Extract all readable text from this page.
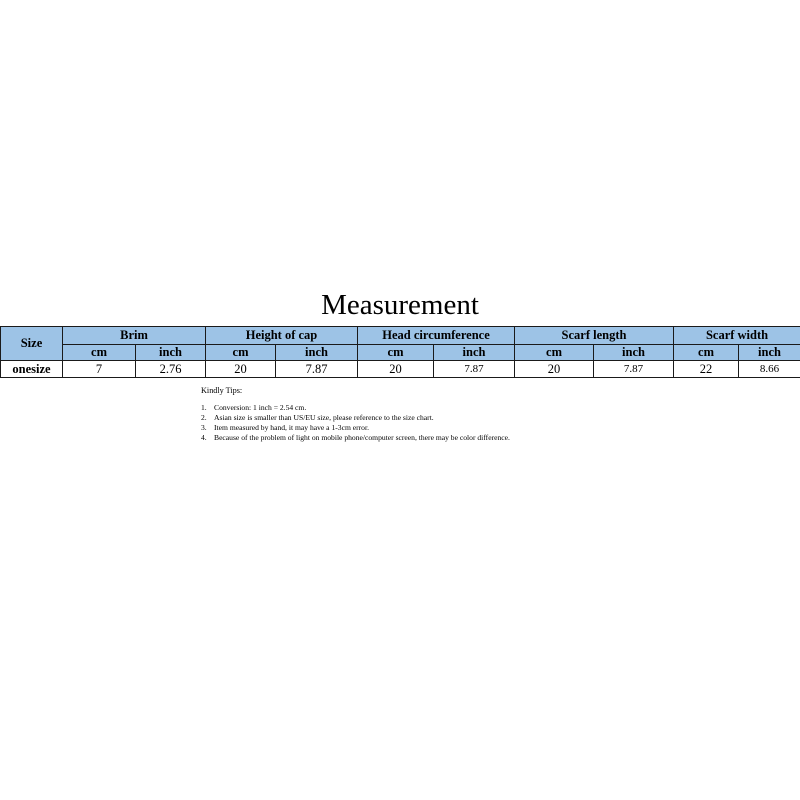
Measurement
Size	Brim		Height of cap		Head circumference		Scarf length		Scarf width	
	cm	inch	cm	inch	cm	inch	cm	inch	cm	inch
onesize	7	2.76	20	7.87	20	7.87	20	7.87	22	8.66
Kindly Tips:
1. Conversion: 1 inch = 2.54 cm.
2. Asian size is smaller than US/EU size, please reference to the size chart.
3. Item measured by hand, it may have a 1-3cm error.
4. Because of the problem of light on mobile phone/computer screen, there may be color difference.
